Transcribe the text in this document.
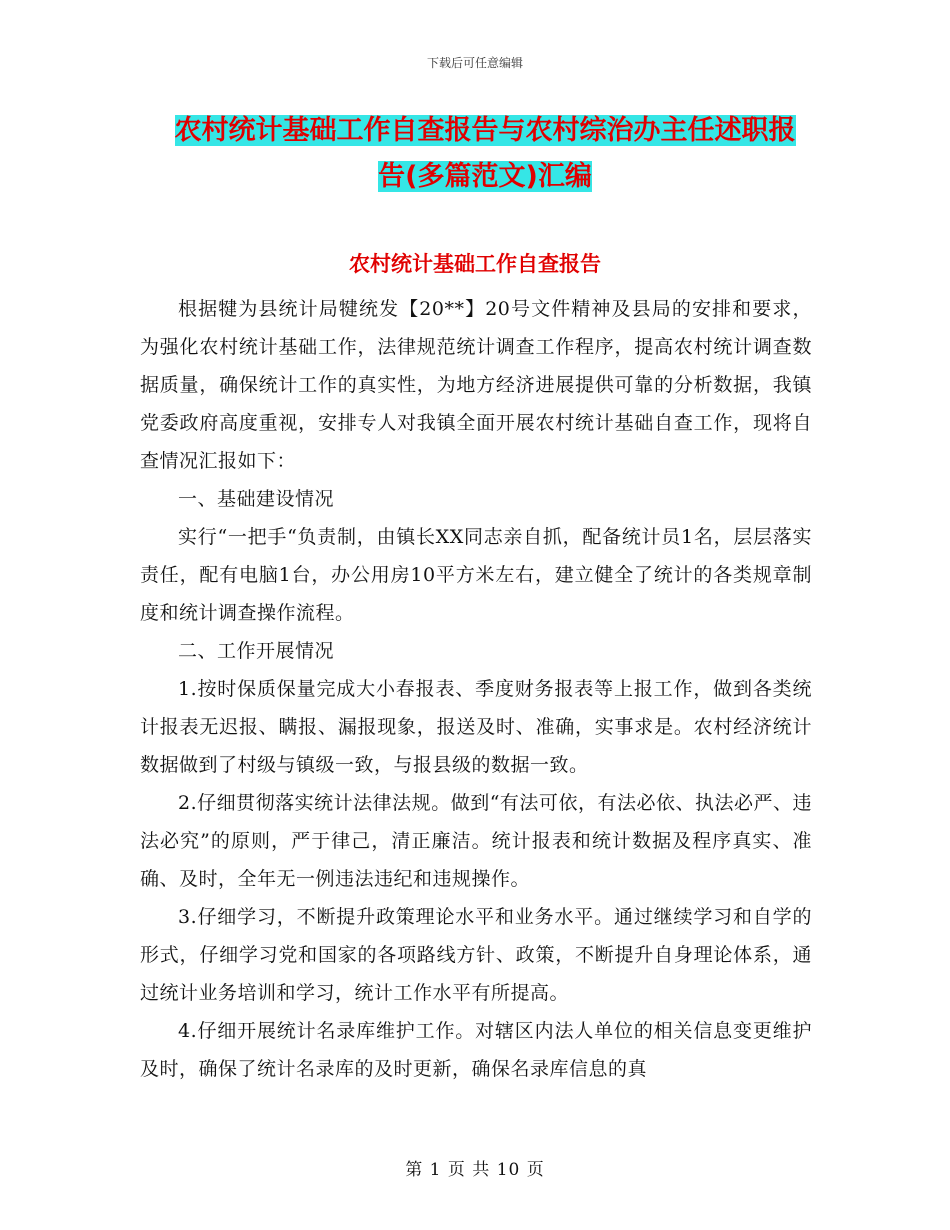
下载后可任意编辑
农村统计基础工作自查报告与农村综治办主任述职报
告(多篇范文)汇编
农村统计基础工作自查报告

根据犍为县统计局犍统发【20**】20号文件精神及县局的安排和要求，为强化农村统计基础工作，法律规范统计调查工作程序，提高农村统计调查数据质量，确保统计工作的真实性，为地方经济进展提供可靠的分析数据，我镇党委政府高度重视，安排专人对我镇全面开展农村统计基础自查工作，现将自查情况汇报如下：

一、基础建设情况

实行“一把手“负责制，由镇长XX同志亲自抓，配备统计员1名，层层落实责任，配有电脑1台，办公用房10平方米左右，建立健全了统计的各类规章制度和统计调查操作流程。

二、工作开展情况

1.按时保质保量完成大小春报表、季度财务报表等上报工作，做到各类统计报表无迟报、瞒报、漏报现象，报送及时、准确，实事求是。农村经济统计数据做到了村级与镇级一致，与报县级的数据一致。

2.仔细贯彻落实统计法律法规。做到“有法可依，有法必依、执法必严、违法必究”的原则，严于律己，清正廉洁。统计报表和统计数据及程序真实、准确、及时，全年无一例违法违纪和违规操作。

3.仔细学习，不断提升政策理论水平和业务水平。通过继续学习和自学的形式，仔细学习党和国家的各项路线方针、政策，不断提升自身理论体系，通过统计业务培训和学习，统计工作水平有所提高。

4.仔细开展统计名录库维护工作。对辖区内法人单位的相关信息变更维护及时，确保了统计名录库的及时更新，确保名录库信息的真

第 1 页 共 10 页
